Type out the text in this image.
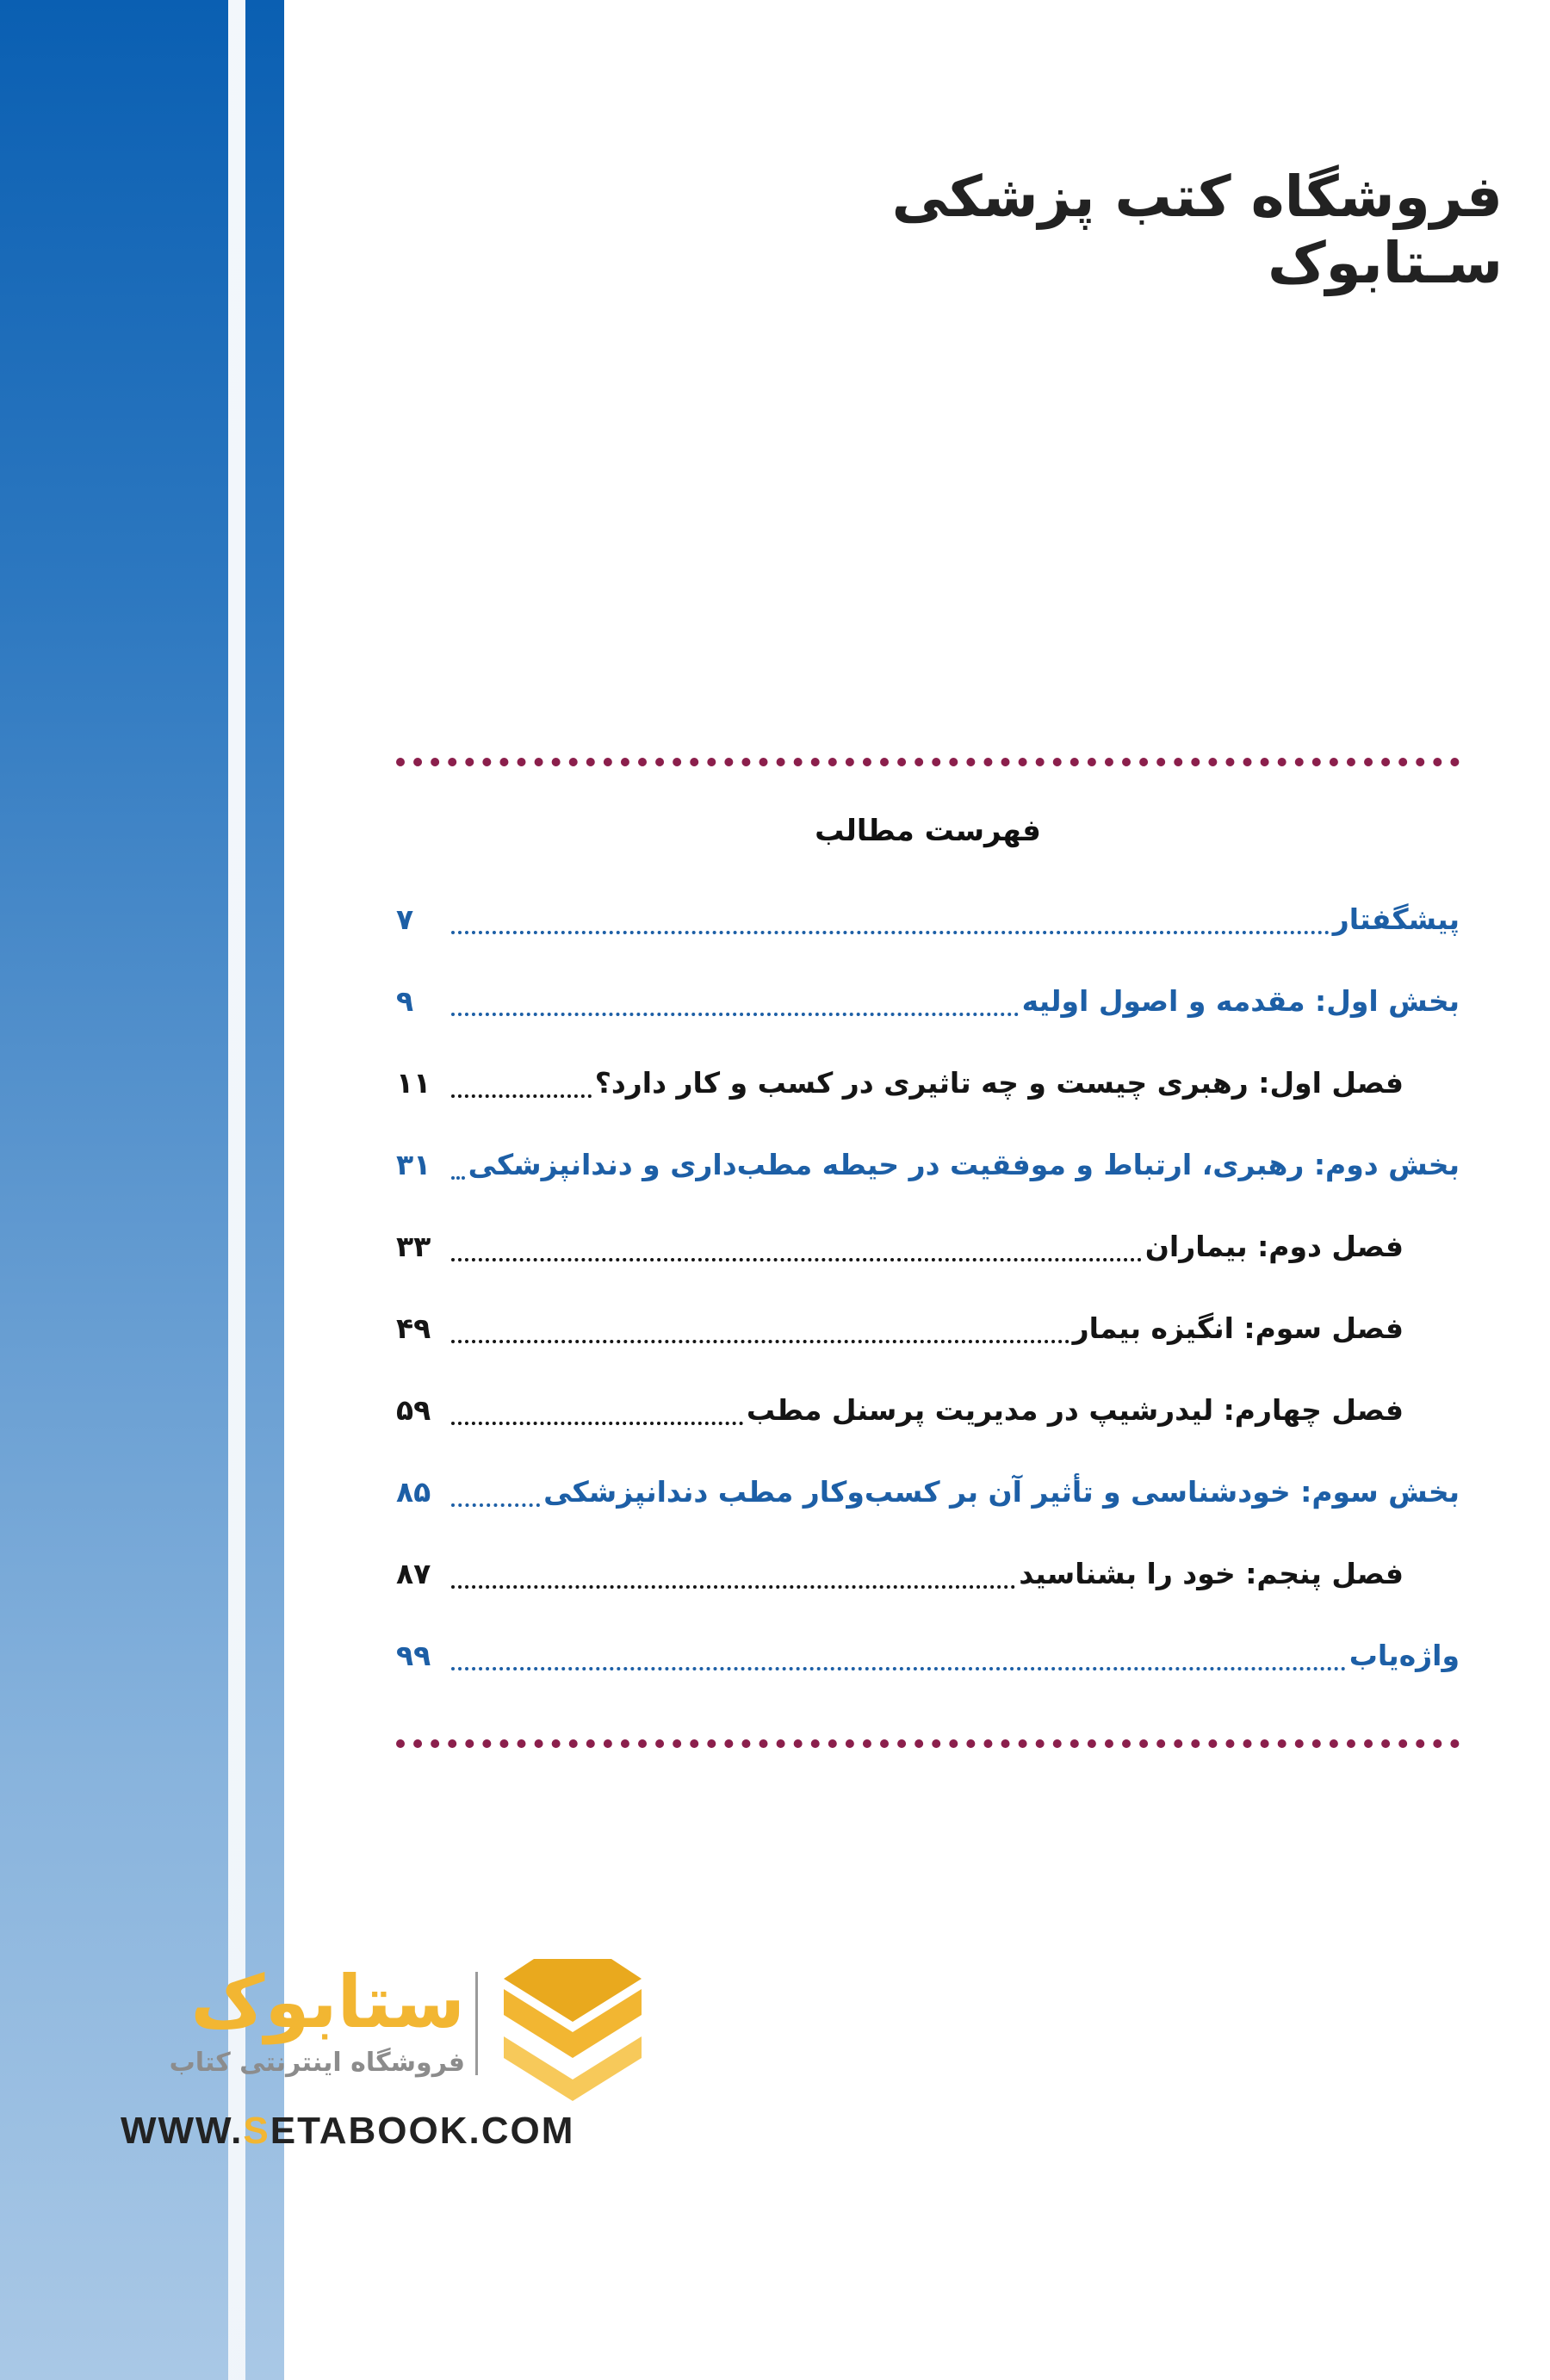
فروشگاه کتب پزشکی سـتابوک
فهرست مطالب
پیشگفتار
۷
بخش اول: مقدمه و اصول اولیه
۹
فصل اول: رهبری چیست و چه تاثیری در کسب و کار دارد؟
۱۱
بخش دوم: رهبری، ارتباط و موفقیت در حیطه مطب‌داری و دندانپزشکی
۳۱
فصل دوم: بیماران
۳۳
فصل سوم: انگیزه بیمار
۴۹
فصل چهارم: لیدرشیپ در مدیریت پرسنل مطب
۵۹
بخش سوم: خودشناسی و تأثیر آن بر کسب‌وکار مطب دندانپزشکی
۸۵
فصل پنجم: خود را بشناسید
۸۷
واژه‌یاب
۹۹
ستابوک
فروشگاه اینترنتی کتاب
WWW.SETABOOK.COM
